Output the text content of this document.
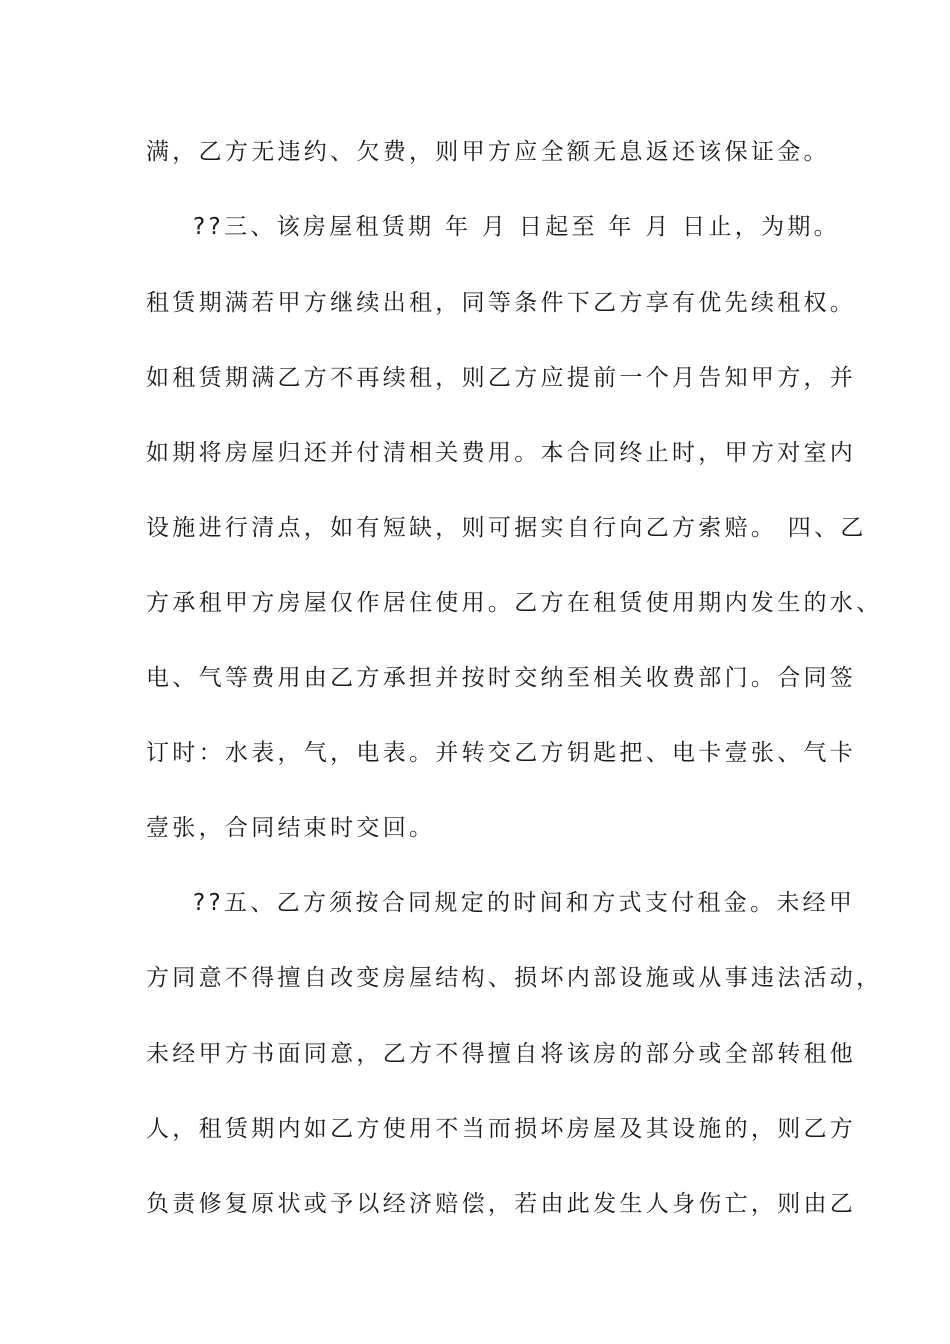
满，乙方无违约、欠费，则甲方应全额无息返还该保证金。
??三、该房屋租赁期 年 月 日起至 年 月 日止，为期。
租赁期满若甲方继续出租，同等条件下乙方享有优先续租权。
如租赁期满乙方不再续租，则乙方应提前一个月告知甲方，并
如期将房屋归还并付清相关费用。本合同终止时，甲方对室内
设施进行清点，如有短缺，则可据实自行向乙方索赔。 四、乙
方承租甲方房屋仅作居住使用。乙方在租赁使用期内发生的水、
电、气等费用由乙方承担并按时交纳至相关收费部门。合同签
订时：水表，气，电表。并转交乙方钥匙把、电卡壹张、气卡
壹张，合同结束时交回。
??五、乙方须按合同规定的时间和方式支付租金。未经甲
方同意不得擅自改变房屋结构、损坏内部设施或从事违法活动，
未经甲方书面同意，乙方不得擅自将该房的部分或全部转租他
人，租赁期内如乙方使用不当而损坏房屋及其设施的，则乙方
负责修复原状或予以经济赔偿，若由此发生人身伤亡，则由乙
